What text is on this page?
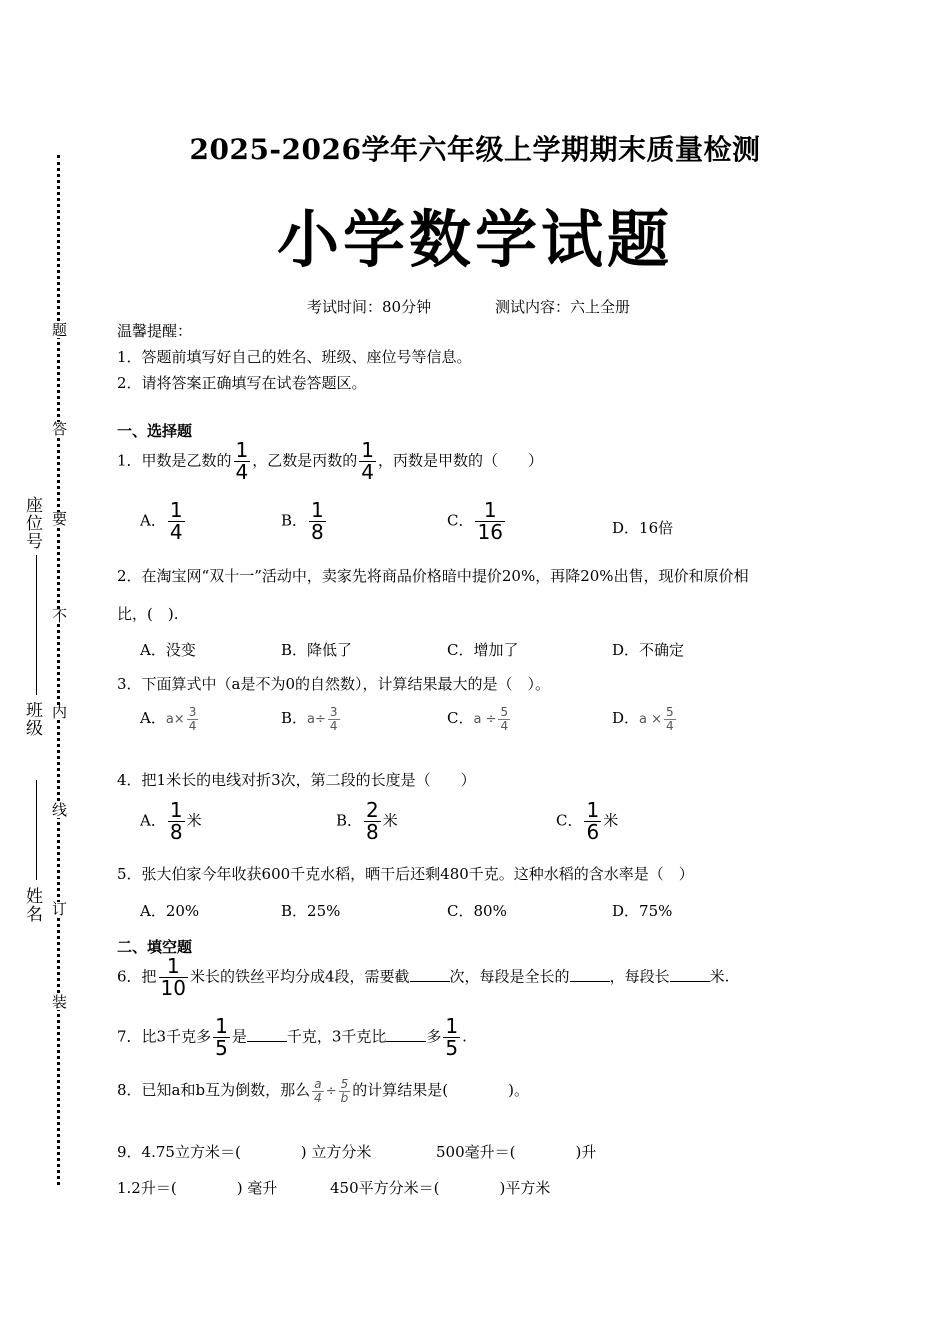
座位号
班级
姓名
题
答
要
不
内
线
订
装
2025-2026学年六年级上学期期末质量检测
小学数学试题
考试时间：80分钟	测试内容：六上全册
温馨提醒：
1．答题前填写好自己的姓名、班级、座位号等信息。
2．请将答案正确填写在试卷答题区。
一、选择题
1．甲数是乙数的 $\frac{1}{4}$ ，乙数是丙数的 $\frac{1}{4}$ ，丙数是甲数的（　　）
A． $\frac{1}{4}$	B． $\frac{1}{8}$	C． $\frac{1}{16}$	D．16倍
2．在淘宝网“双十一”活动中，卖家先将商品价格暗中提价20%，再降20%出售，现价和原价相
比，(　).
A．没变	B．降低了	C．增加了	D．不确定
3．下面算式中（a是不为0的自然数），计算结果最大的是（　）。
A．$a\times \frac{3}{4}$	B．$a\div \frac{3}{4}$	C．$a \div \frac{5}{4}$	D．$a \times \frac{5}{4}$
4．把1米长的电线对折3次，第二段的长度是（　　）
A． $\frac{1}{8}$ 米	B． $\frac{2}{8}$ 米	C． $\frac{1}{6}$ 米
5．张大伯家今年收获600千克水稻，晒干后还剩480千克。这种水稻的含水率是（　）
A．20%	B．25%	C．80%	D．75%
二、填空题
6．把 $\frac{1}{10}$ 米长的铁丝平均分成4段，需要截	次，每段是全长的	，每段长	米.
7．比3千克多 $\frac{1}{5}$ 是	千克，3千克比	多 $\frac{1}{5}$ .
8．已知a和b互为倒数，那么 $\frac{a}{4} \div \frac{5}{b}$ 的计算结果是(　　　　)。
9．4.75立方米＝(　　　　) 立方分米	500毫升＝(　　　　)升
1.2升＝(　　　　) 毫升	450平方分米＝(　　　　)平方米
